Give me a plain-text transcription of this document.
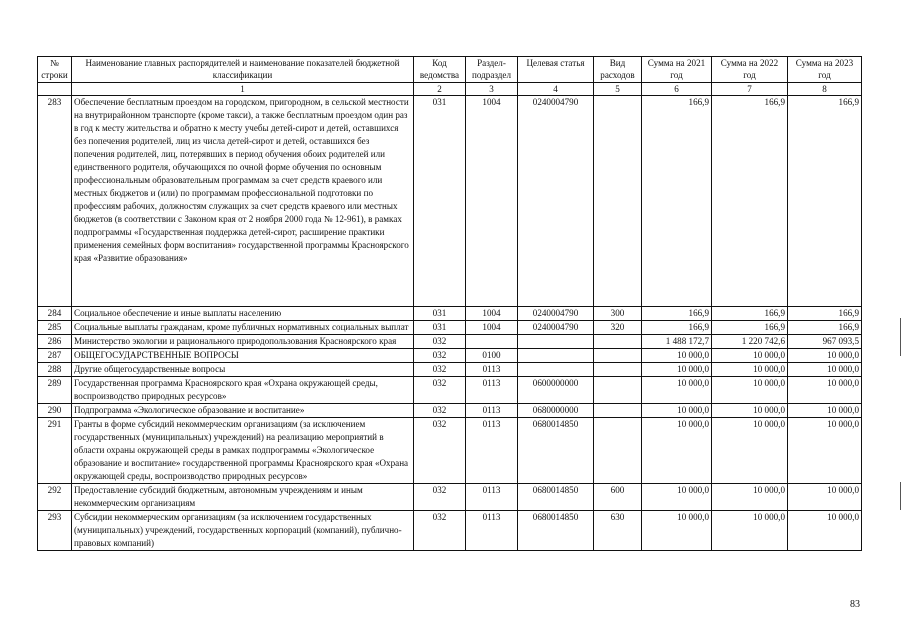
№ строки	Наименование главных распорядителей и наименование показателей бюджетной классификации	Код ведомства	Раздел-подраздел	Целевая статья	Вид расходов	Сумма на 2021 год	Сумма на 2022 год	Сумма на 2023 год
	1	2	3	4	5	6	7	8
283	Обеспечение бесплатным проездом на городском, пригородном, в сельской местности на внутрирайонном транспорте (кроме такси), а также бесплатным проездом один раз в год к месту жительства и обратно к месту учебы детей-сирот и детей, оставшихся без попечения родителей, лиц из числа детей-сирот и детей, оставшихся без попечения родителей, лиц, потерявших в период обучения обоих родителей или единственного родителя, обучающихся по очной форме обучения по основным профессиональным образовательным программам за счет средств краевого или местных бюджетов и (или) по программам профессиональной подготовки по профессиям рабочих, должностям служащих за счет средств краевого или местных бюджетов (в соответствии с Законом края от 2 ноября 2000 года № 12-961), в рамках подпрограммы «Государственная поддержка детей-сирот, расширение практики применения семейных форм воспитания» государственной программы Красноярского края «Развитие образования»	031	1004	0240004790		166,9	166,9	166,9
284	Социальное обеспечение и иные выплаты населению	031	1004	0240004790	300	166,9	166,9	166,9
285	Социальные выплаты гражданам, кроме публичных нормативных социальных выплат	031	1004	0240004790	320	166,9	166,9	166,9
286	Министерство экологии и рационального природопользования Красноярского края	032				1 488 172,7	1 220 742,6	967 093,5
287	ОБЩЕГОСУДАРСТВЕННЫЕ ВОПРОСЫ	032	0100			10 000,0	10 000,0	10 000,0
288	Другие общегосударственные вопросы	032	0113			10 000,0	10 000,0	10 000,0
289	Государственная программа Красноярского края «Охрана окружающей среды, воспроизводство природных ресурсов»	032	0113	0600000000		10 000,0	10 000,0	10 000,0
290	Подпрограмма «Экологическое образование и воспитание»	032	0113	0680000000		10 000,0	10 000,0	10 000,0
291	Гранты в форме субсидий некоммерческим организациям (за исключением государственных (муниципальных) учреждений) на реализацию мероприятий в области охраны окружающей среды в рамках подпрограммы «Экологическое образование и воспитание» государственной программы Красноярского края «Охрана окружающей среды, воспроизводство природных ресурсов»	032	0113	0680014850		10 000,0	10 000,0	10 000,0
292	Предоставление субсидий бюджетным, автономным учреждениям и иным некоммерческим организациям	032	0113	0680014850	600	10 000,0	10 000,0	10 000,0
293	Субсидии некоммерческим организациям (за исключением государственных (муниципальных) учреждений, государственных корпораций (компаний), публично-правовых компаний)	032	0113	0680014850	630	10 000,0	10 000,0	10 000,0
83
